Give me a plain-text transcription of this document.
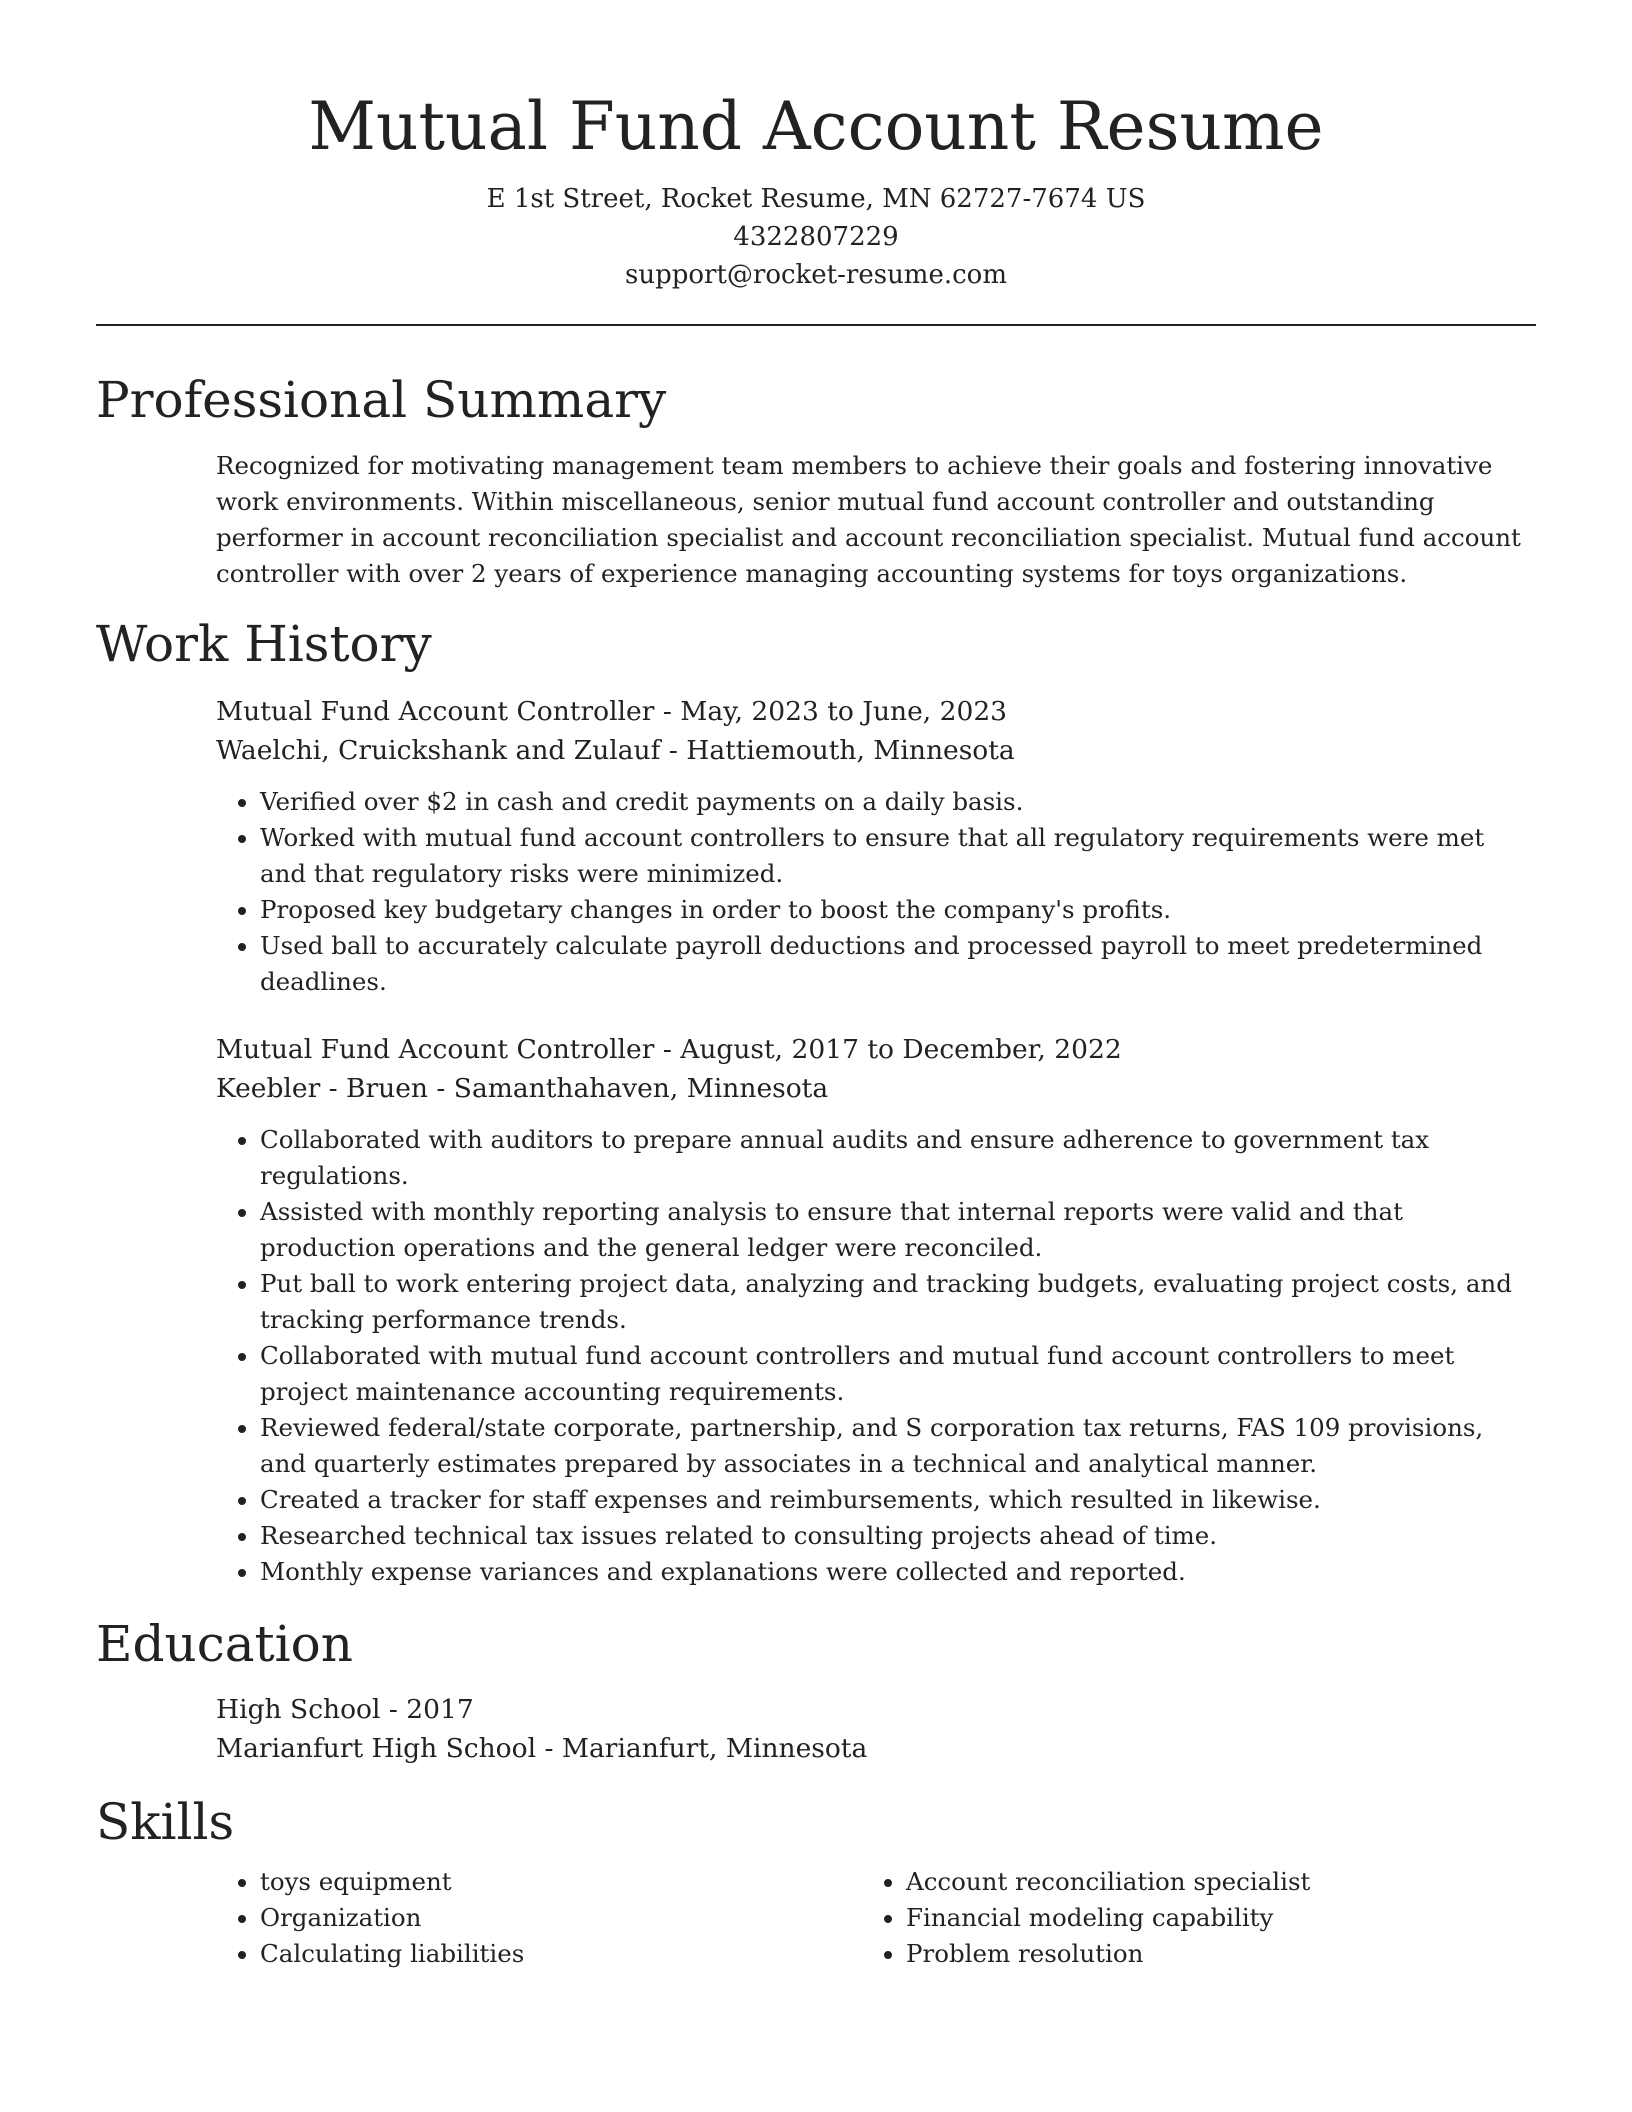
Mutual Fund Account Resume
E 1st Street, Rocket Resume, MN 62727-7674 US
4322807229
support@rocket-resume.com
Professional Summary
Recognized for motivating management team members to achieve their goals and fostering innovative work environments. Within miscellaneous, senior mutual fund account controller and outstanding performer in account reconciliation specialist and account reconciliation specialist. Mutual fund account controller with over 2 years of experience managing accounting systems for toys organizations.
Work History
Mutual Fund Account Controller - May, 2023 to June, 2023
Waelchi, Cruickshank and Zulauf - Hattiemouth, Minnesota
• Verified over $2 in cash and credit payments on a daily basis.
• Worked with mutual fund account controllers to ensure that all regulatory requirements were met and that regulatory risks were minimized.
• Proposed key budgetary changes in order to boost the company's profits.
• Used ball to accurately calculate payroll deductions and processed payroll to meet predetermined deadlines.
Mutual Fund Account Controller - August, 2017 to December, 2022
Keebler - Bruen - Samanthahaven, Minnesota
• Collaborated with auditors to prepare annual audits and ensure adherence to government tax regulations.
• Assisted with monthly reporting analysis to ensure that internal reports were valid and that production operations and the general ledger were reconciled.
• Put ball to work entering project data, analyzing and tracking budgets, evaluating project costs, and tracking performance trends.
• Collaborated with mutual fund account controllers and mutual fund account controllers to meet project maintenance accounting requirements.
• Reviewed federal/state corporate, partnership, and S corporation tax returns, FAS 109 provisions, and quarterly estimates prepared by associates in a technical and analytical manner.
• Created a tracker for staff expenses and reimbursements, which resulted in likewise.
• Researched technical tax issues related to consulting projects ahead of time.
• Monthly expense variances and explanations were collected and reported.
Education
High School - 2017
Marianfurt High School - Marianfurt, Minnesota
Skills
• toys equipment
• Organization
• Calculating liabilities
• Account reconciliation specialist
• Financial modeling capability
• Problem resolution
